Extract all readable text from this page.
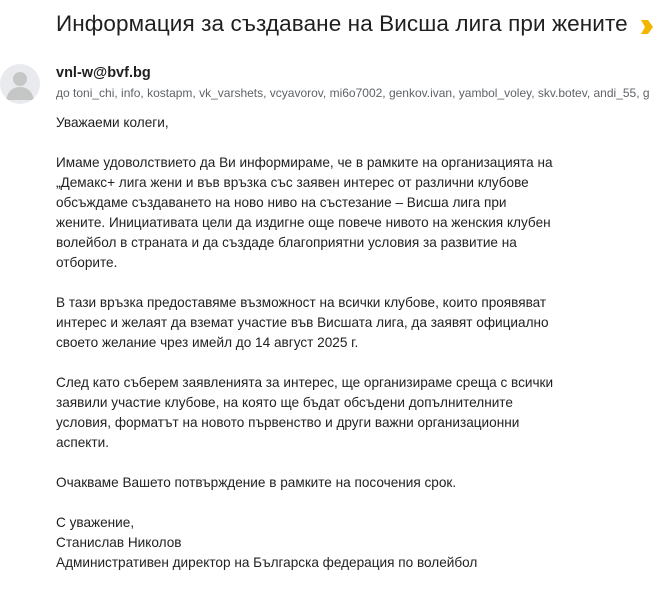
Информация за създаване на Висша лига при жените
vnl-w@bvf.bg
до toni_chi, info, kostapm, vk_varshets, vcyavorov, mi6o7002, genkov.ivan, yambol_voley, skv.botev, andi_55, g

Уважаеми колеги,

Имаме удоволствието да Ви информираме, че в рамките на организацията на
„Демакс+ лига жени и във връзка със заявен интерес от различни клубове
обсъждаме създаването на ново ниво на състезание – Висша лига при
жените. Инициативата цели да издигне още повече нивото на женския клубен
волейбол в страната и да създаде благоприятни условия за развитие на
отборите.

В тази връзка предоставяме възможност на всички клубове, които проявяват
интерес и желаят да вземат участие във Висшата лига, да заявят официално
своето желание чрез имейл до 14 август 2025 г.

След като съберем заявленията за интерес, ще организираме среща с всички
заявили участие клубове, на която ще бъдат обсъдени допълнителните
условия, форматът на новото първенство и други важни организационни
аспекти.

Очакваме Вашето потвърждение в рамките на посочения срок.

С уважение,
Станислав Николов
Административен директор на Българска федерация по волейбол
